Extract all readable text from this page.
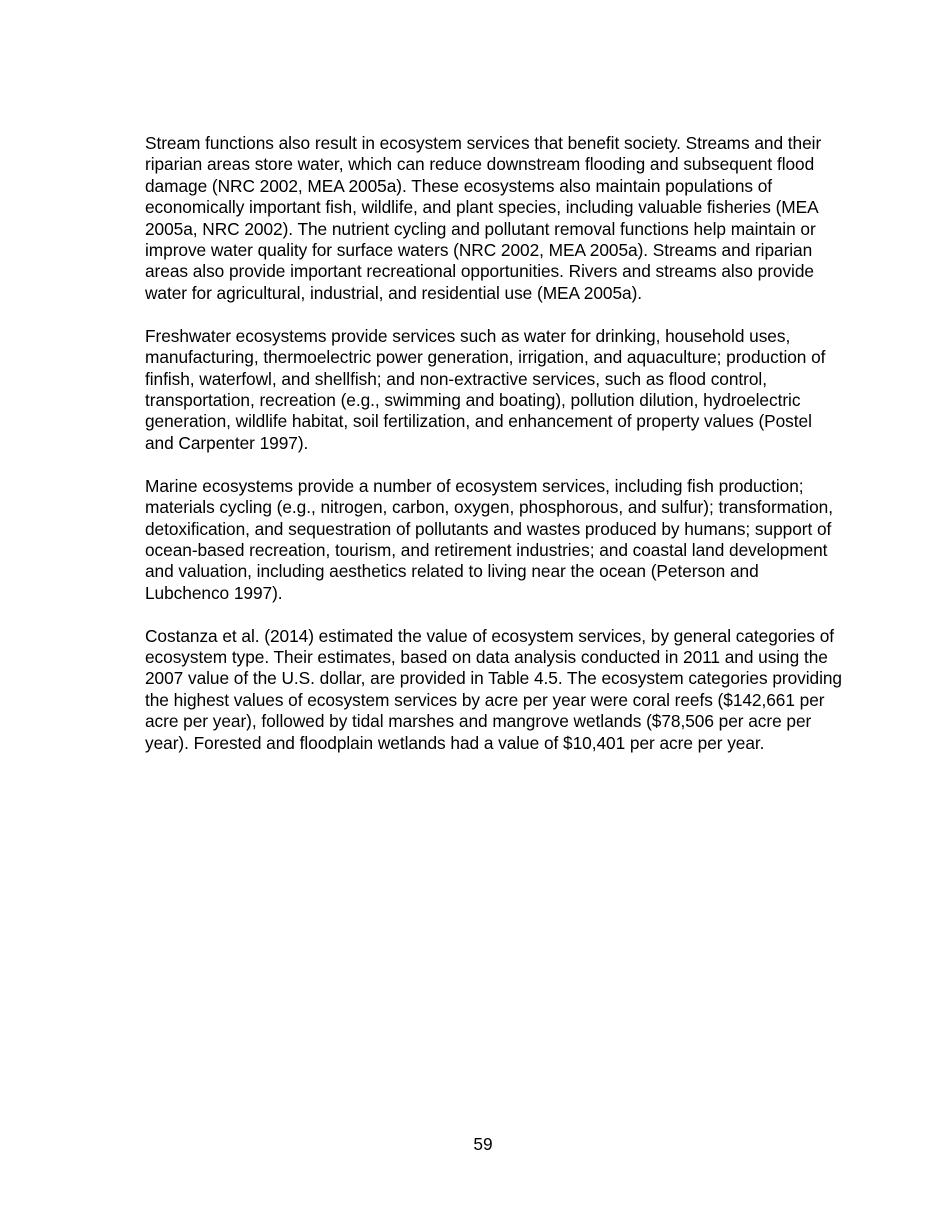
Stream functions also result in ecosystem services that benefit society. Streams and their riparian areas store water, which can reduce downstream flooding and subsequent flood damage (NRC 2002, MEA 2005a). These ecosystems also maintain populations of economically important fish, wildlife, and plant species, including valuable fisheries (MEA 2005a, NRC 2002). The nutrient cycling and pollutant removal functions help maintain or improve water quality for surface waters (NRC 2002, MEA 2005a). Streams and riparian areas also provide important recreational opportunities. Rivers and streams also provide water for agricultural, industrial, and residential use (MEA 2005a).

Freshwater ecosystems provide services such as water for drinking, household uses, manufacturing, thermoelectric power generation, irrigation, and aquaculture; production of finfish, waterfowl, and shellfish; and non-extractive services, such as flood control, transportation, recreation (e.g., swimming and boating), pollution dilution, hydroelectric generation, wildlife habitat, soil fertilization, and enhancement of property values (Postel and Carpenter 1997).

Marine ecosystems provide a number of ecosystem services, including fish production; materials cycling (e.g., nitrogen, carbon, oxygen, phosphorous, and sulfur); transformation, detoxification, and sequestration of pollutants and wastes produced by humans; support of ocean-based recreation, tourism, and retirement industries; and coastal land development and valuation, including aesthetics related to living near the ocean (Peterson and Lubchenco 1997).

Costanza et al. (2014) estimated the value of ecosystem services, by general categories of ecosystem type. Their estimates, based on data analysis conducted in 2011 and using the 2007 value of the U.S. dollar, are provided in Table 4.5. The ecosystem categories providing the highest values of ecosystem services by acre per year were coral reefs ($142,661 per acre per year), followed by tidal marshes and mangrove wetlands ($78,506 per acre per year). Forested and floodplain wetlands had a value of $10,401 per acre per year.

59
